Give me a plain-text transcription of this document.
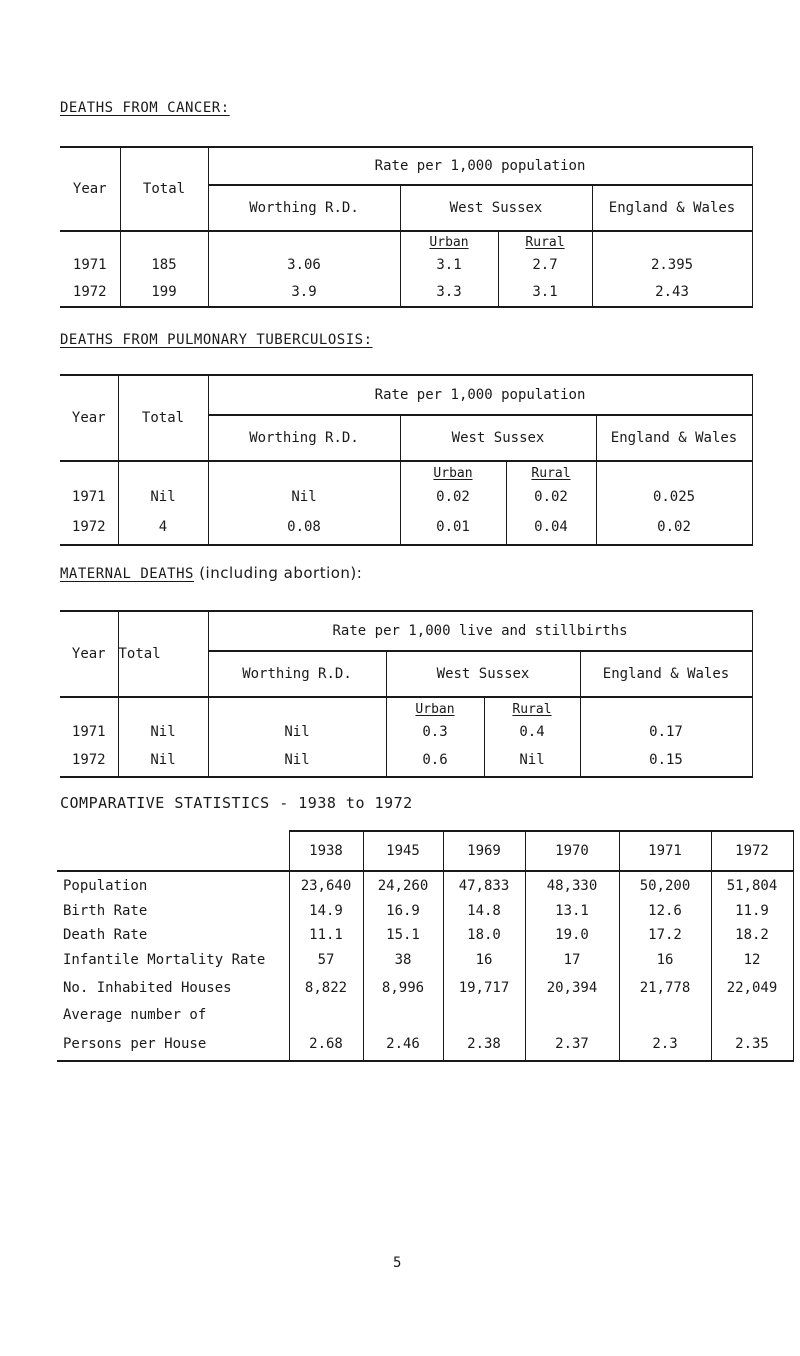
DEATHS FROM CANCER:
Year	Total	Rate per 1,000 population			
		Worthing R.D.	West Sussex		England & Wales
			Urban	Rural	
1971	185	3.06	3.1	2.7	2.395
1972	199	3.9	3.3	3.1	2.43
DEATHS FROM PULMONARY TUBERCULOSIS:
Year	Total	Rate per 1,000 population			
		Worthing R.D.	West Sussex		England & Wales
			Urban	Rural	
1971	Nil	Nil	0.02	0.02	0.025
1972	4	0.08	0.01	0.04	0.02
MATERNAL DEATHS (including abortion):
Year	Total	Rate per 1,000 live and stillbirths			
		Worthing R.D.	West Sussex		England & Wales
			Urban	Rural	
1971	Nil	Nil	0.3	0.4	0.17
1972	Nil	Nil	0.6	Nil	0.15
COMPARATIVE STATISTICS - 1938 to 1972
	1938	1945	1969	1970	1971	1972
Population	23,640	24,260	47,833	48,330	50,200	51,804
Birth Rate	14.9	16.9	14.8	13.1	12.6	11.9
Death Rate	11.1	15.1	18.0	19.0	17.2	18.2
Infantile Mortality Rate	57	38	16	17	16	12
No. Inhabited Houses	8,822	8,996	19,717	20,394	21,778	22,049
Average number of						
Persons per House	2.68	2.46	2.38	2.37	2.3	2.35
5
